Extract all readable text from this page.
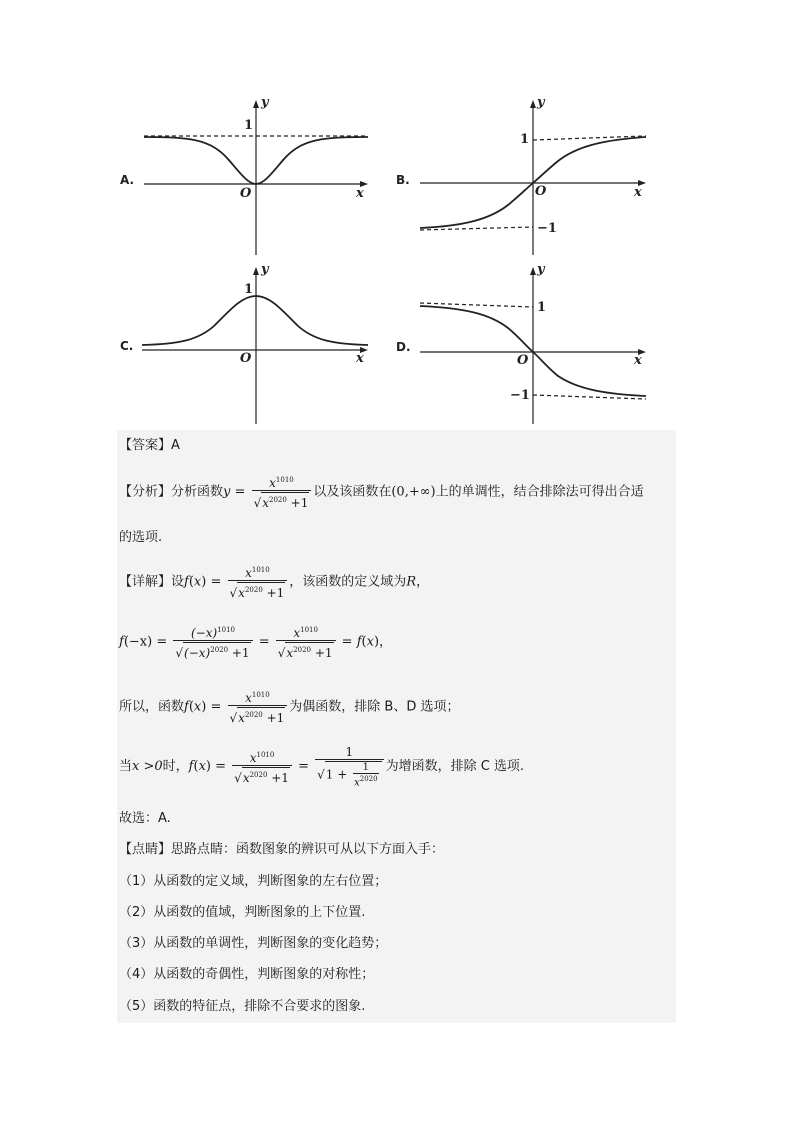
A.
y
x
O
1
B.
y
x
O
1
−1
C.
y
x
O
1
D.
y
x
O
1
−1
【答案】A
【分析】分析函数$y = \frac{x^{1010}}{√x^{2020} +1}$ 以及该函数在(0,+∞)上的单调性，结合排除法可得出合适
的选项.
【详解】设$f(x) = \frac{x^{1010}}{√x^{2020} +1}$ ，该函数的定义域为R，
$f(-x) = \frac{(-x)^{1010}}{√(-x)^{2020} +1} = \frac{x^{1010}}{√x^{2020} +1} = f(x)$，
所以，函数$f(x) = \frac{x^{1010}}{√x^{2020} +1}$ 为偶函数，排除 B、D 选项；
当x >0时，$f(x) = \frac{x^{1010}}{√x^{2020} +1} = \frac{1}{√1 + \frac{1}{x^{2020}}}$ 为增函数，排除 C 选项.
故选：A.
【点睛】思路点睛：函数图象的辨识可从以下方面入手：
（1）从函数的定义域，判断图象的左右位置；
（2）从函数的值域，判断图象的上下位置.
（3）从函数的单调性，判断图象的变化趋势；
（4）从函数的奇偶性，判断图象的对称性；
（5）函数的特征点，排除不合要求的图象.
